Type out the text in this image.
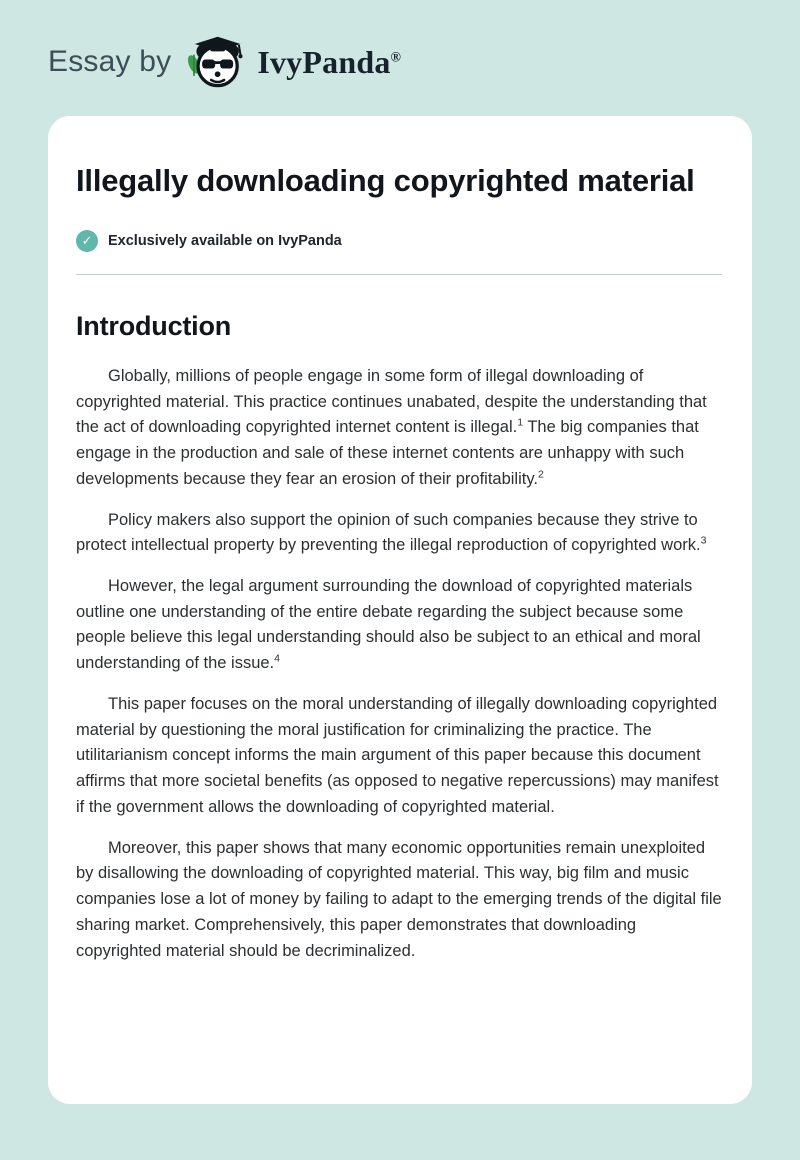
Essay by	IvyPanda®
Illegally downloading copyrighted material
✓	Exclusively available on IvyPanda
Introduction

Globally, millions of people engage in some form of illegal downloading of copyrighted material. This practice continues unabated, despite the understanding that the act of downloading copyrighted internet content is illegal.$^1$ The big companies that engage in the production and sale of these internet contents are unhappy with such developments because they fear an erosion of their profitability.$^2$

Policy makers also support the opinion of such companies because they strive to protect intellectual property by preventing the illegal reproduction of copyrighted work.$^3$

However, the legal argument surrounding the download of copyrighted materials outline one understanding of the entire debate regarding the subject because some people believe this legal understanding should also be subject to an ethical and moral understanding of the issue.$^4$

This paper focuses on the moral understanding of illegally downloading copyrighted material by questioning the moral justification for criminalizing the practice. The utilitarianism concept informs the main argument of this paper because this document affirms that more societal benefits (as opposed to negative repercussions) may manifest if the government allows the downloading of copyrighted material.

Moreover, this paper shows that many economic opportunities remain unexploited by disallowing the downloading of copyrighted material. This way, big film and music companies lose a lot of money by failing to adapt to the emerging trends of the digital file sharing market. Comprehensively, this paper demonstrates that downloading copyrighted material should be decriminalized.
